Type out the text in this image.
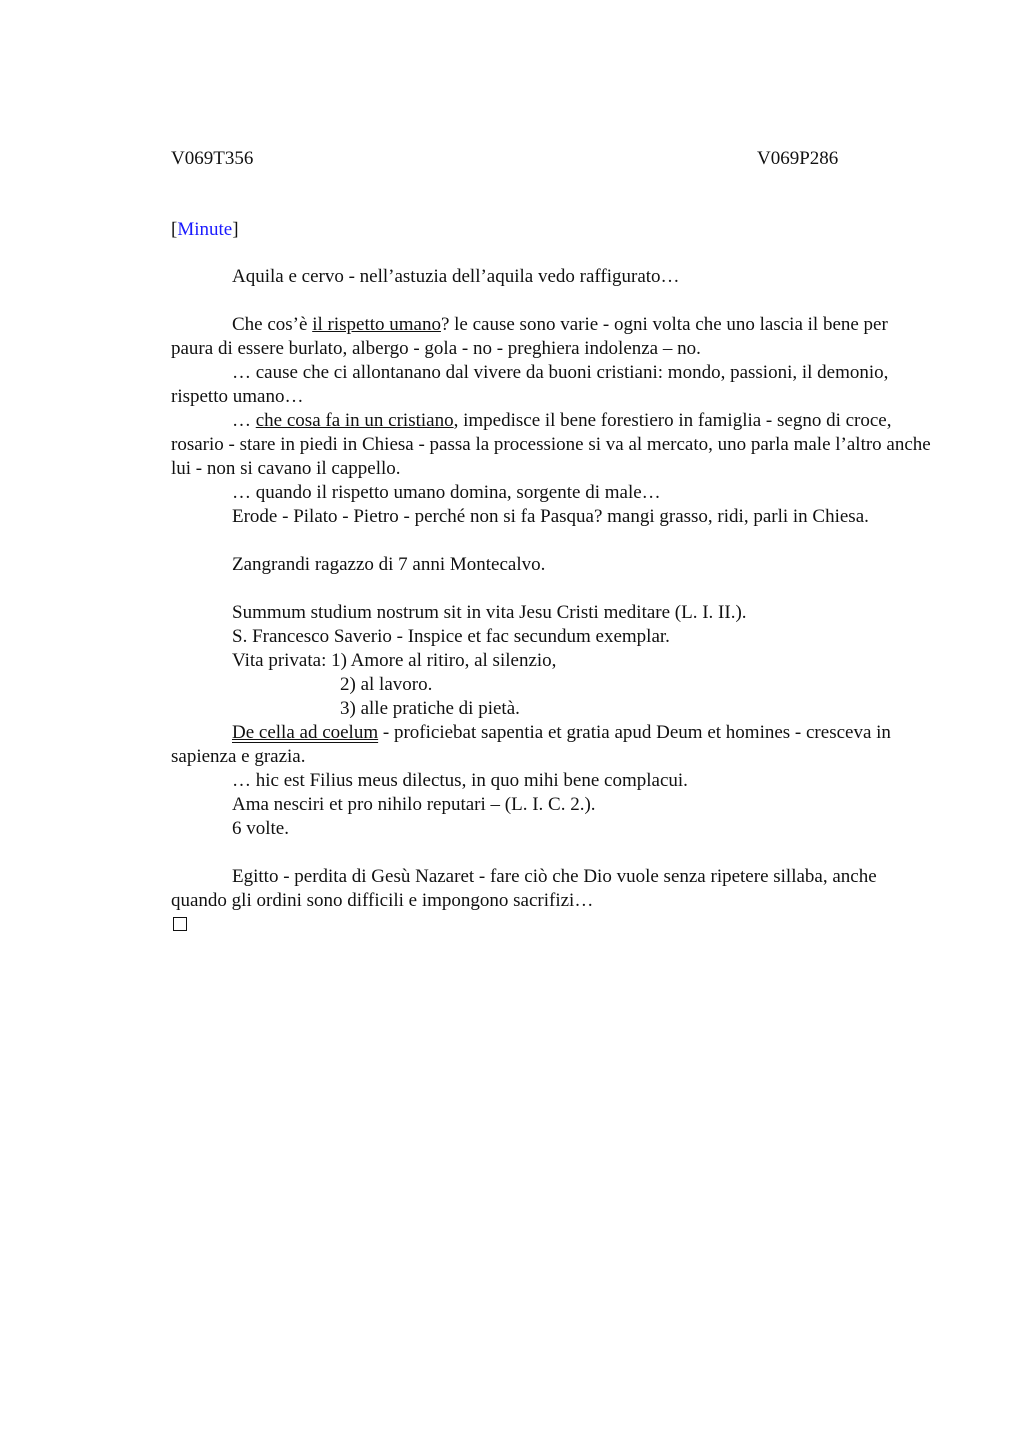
V069T356	V069P286
[Minute]

Aquila e cervo - nell’astuzia dell’aquila vedo raffigurato…

Che cos’è il rispetto umano? le cause sono varie - ogni volta che uno lascia il bene per paura di essere burlato, albergo - gola - no - preghiera indolenza – no.

… cause che ci allontanano dal vivere da buoni cristiani: mondo, passioni, il demonio, rispetto umano…

… che cosa fa in un cristiano, impedisce il bene forestiero in famiglia - segno di croce, rosario - stare in piedi in Chiesa - passa la processione si va al mercato, uno parla male l’altro anche lui - non si cavano il cappello.

… quando il rispetto umano domina, sorgente di male…

Erode - Pilato - Pietro - perché non si fa Pasqua? mangi grasso, ridi, parli in Chiesa.

Zangrandi ragazzo di 7 anni Montecalvo.

Summum studium nostrum sit in vita Jesu Cristi meditare (L. I. II.).

S. Francesco Saverio - Inspice et fac secundum exemplar.

Vita privata: 1) Amore al ritiro, al silenzio,

2) al lavoro.

3) alle pratiche di pietà.

De cella ad coelum - proficiebat sapentia et gratia apud Deum et homines - cresceva in sapienza e grazia.

… hic est Filius meus dilectus, in quo mihi bene complacui.

Ama nesciri et pro nihilo reputari – (L. I. C. 2.).

6 volte.

Egitto - perdita di Gesù Nazaret - fare ciò che Dio vuole senza ripetere sillaba, anche quando gli ordini sono difficili e impongono sacrifizi…
